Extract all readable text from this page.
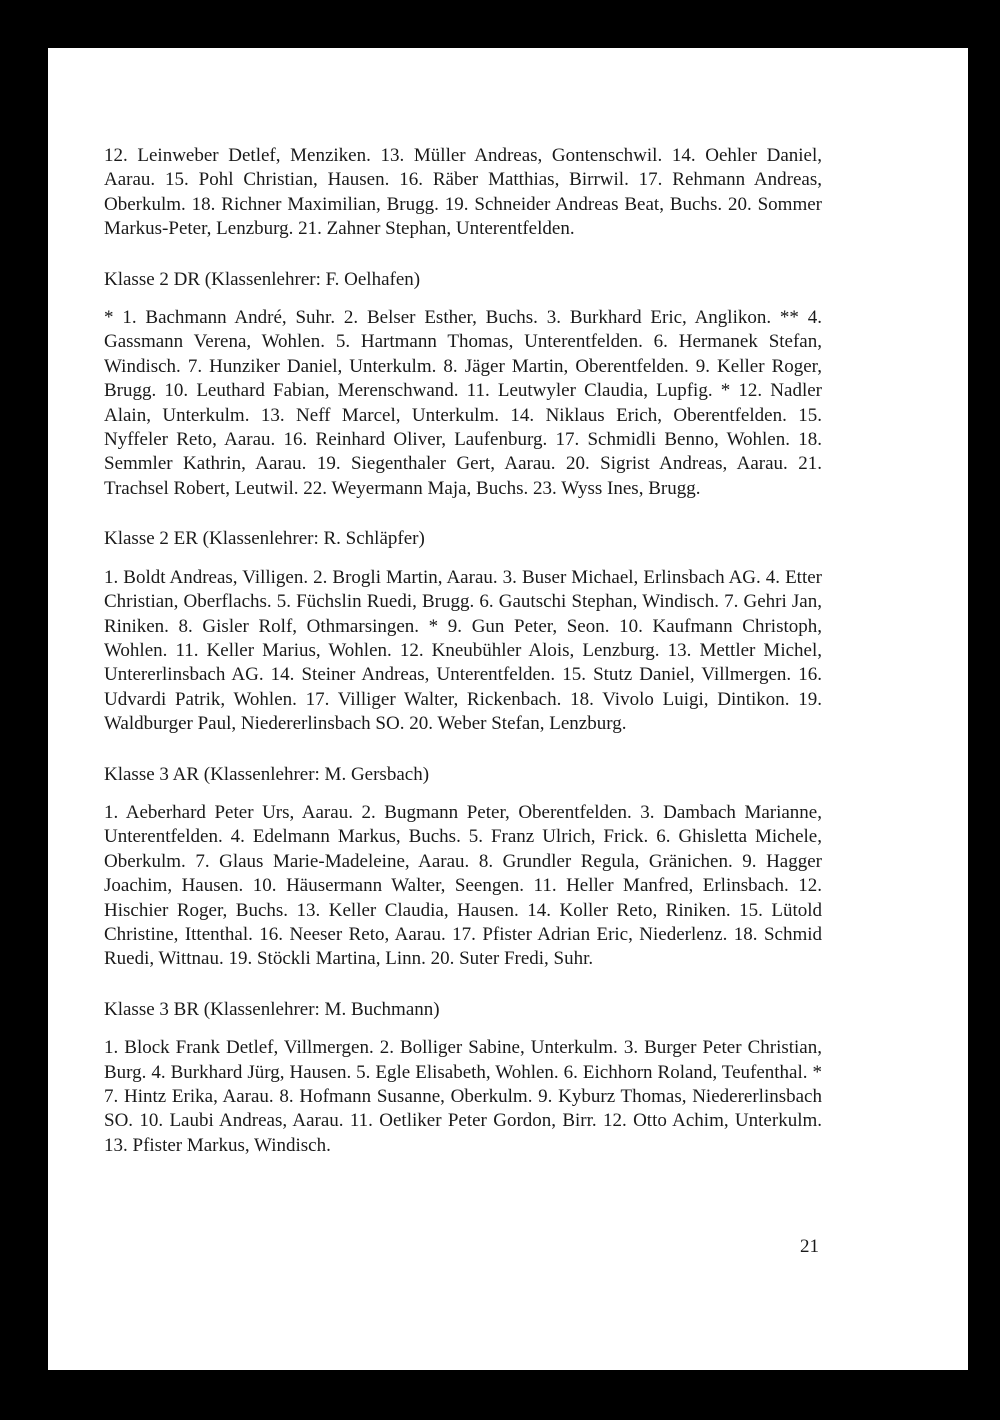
12. Leinweber Detlef, Menziken. 13. Müller Andreas, Gontenschwil. 14. Oehler Daniel, Aarau. 15. Pohl Christian, Hausen. 16. Räber Matthias, Birrwil. 17. Rehmann Andreas, Oberkulm. 18. Richner Maximilian, Brugg. 19. Schneider Andreas Beat, Buchs. 20. Sommer Markus-Peter, Lenzburg. 21. Zahner Stephan, Unterentfelden.

Klasse 2 DR (Klassenlehrer: F. Oelhafen)

* 1. Bachmann André, Suhr. 2. Belser Esther, Buchs. 3. Burkhard Eric, Anglikon. ** 4. Gassmann Verena, Wohlen. 5. Hartmann Thomas, Unterentfelden. 6. Hermanek Stefan, Windisch. 7. Hunziker Daniel, Unterkulm. 8. Jäger Martin, Oberentfelden. 9. Keller Roger, Brugg. 10. Leuthard Fabian, Merenschwand. 11. Leutwyler Claudia, Lupfig. * 12. Nadler Alain, Unterkulm. 13. Neff Marcel, Unterkulm. 14. Niklaus Erich, Oberentfelden. 15. Nyffeler Reto, Aarau. 16. Reinhard Oliver, Laufenburg. 17. Schmidli Benno, Wohlen. 18. Semmler Kathrin, Aarau. 19. Siegenthaler Gert, Aarau. 20. Sigrist Andreas, Aarau. 21. Trachsel Robert, Leutwil. 22. Weyermann Maja, Buchs. 23. Wyss Ines, Brugg.

Klasse 2 ER (Klassenlehrer: R. Schläpfer)

1. Boldt Andreas, Villigen. 2. Brogli Martin, Aarau. 3. Buser Michael, Erlinsbach AG. 4. Etter Christian, Oberflachs. 5. Füchslin Ruedi, Brugg. 6. Gautschi Stephan, Windisch. 7. Gehri Jan, Riniken. 8. Gisler Rolf, Othmarsingen. * 9. Gun Peter, Seon. 10. Kaufmann Christoph, Wohlen. 11. Keller Marius, Wohlen. 12. Kneubühler Alois, Lenzburg. 13. Mettler Michel, Untererlinsbach AG. 14. Steiner Andreas, Unterentfelden. 15. Stutz Daniel, Villmergen. 16. Udvardi Patrik, Wohlen. 17. Villiger Walter, Rickenbach. 18. Vivolo Luigi, Dintikon. 19. Waldburger Paul, Niedererlinsbach SO. 20. Weber Stefan, Lenzburg.

Klasse 3 AR (Klassenlehrer: M. Gersbach)

1. Aeberhard Peter Urs, Aarau. 2. Bugmann Peter, Oberentfelden. 3. Dambach Marianne, Unterentfelden. 4. Edelmann Markus, Buchs. 5. Franz Ulrich, Frick. 6. Ghisletta Michele, Oberkulm. 7. Glaus Marie-Madeleine, Aarau. 8. Grundler Regula, Gränichen. 9. Hagger Joachim, Hausen. 10. Häusermann Walter, Seengen. 11. Heller Manfred, Erlinsbach. 12. Hischier Roger, Buchs. 13. Keller Claudia, Hausen. 14. Koller Reto, Riniken. 15. Lütold Christine, Ittenthal. 16. Neeser Reto, Aarau. 17. Pfister Adrian Eric, Niederlenz. 18. Schmid Ruedi, Wittnau. 19. Stöckli Martina, Linn. 20. Suter Fredi, Suhr.

Klasse 3 BR (Klassenlehrer: M. Buchmann)

1. Block Frank Detlef, Villmergen. 2. Bolliger Sabine, Unterkulm. 3. Burger Peter Christian, Burg. 4. Burkhard Jürg, Hausen. 5. Egle Elisabeth, Wohlen. 6. Eichhorn Roland, Teufenthal. * 7. Hintz Erika, Aarau. 8. Hofmann Susanne, Oberkulm. 9. Kyburz Thomas, Niedererlinsbach SO. 10. Laubi Andreas, Aarau. 11. Oetliker Peter Gordon, Birr. 12. Otto Achim, Unterkulm. 13. Pfister Markus, Windisch.

21
